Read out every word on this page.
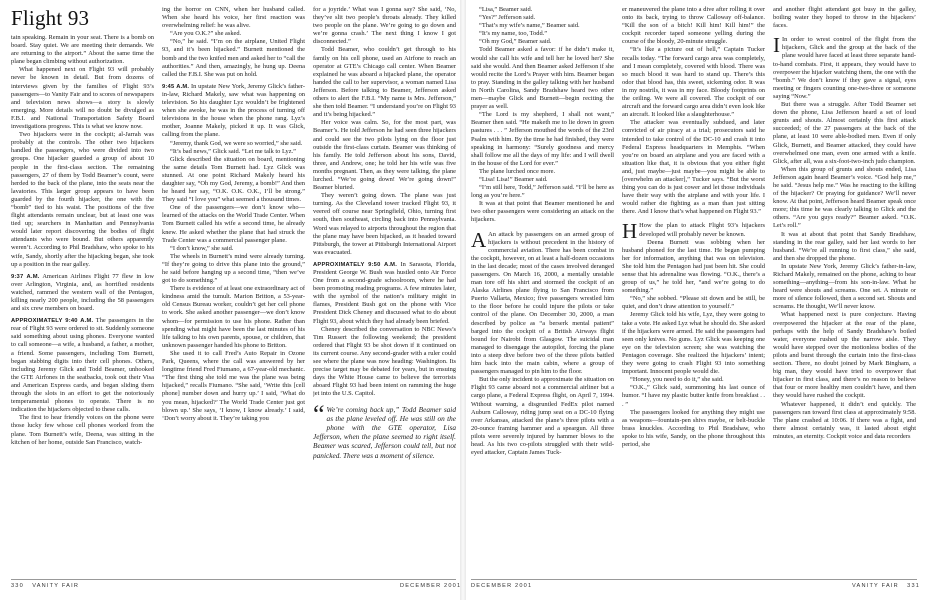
Flight 93

tain speaking. Remain in your seat. There is a bomb on board. Stay quiet. We are meeting their demands. We are returning to the airport.” About the same time the plane began climbing without authorization.

What happened next on Flight 93 will probably never be known in detail. But from dozens of interviews given by the families of Flight 93’s passengers—to Vanity Fair and to scores of newspapers and television news shows—a story is slowly emerging. More details will no doubt be divulged as F.B.I. and National Transportation Safety Board investigations progress. This is what we know now.

Two hijackers were in the cockpit; al-Jarrah was probably at the controls. The other two hijackers handled the passengers, who were divided into two groups. One hijacker guarded a group of about 10 people in the first-class section. The remaining passengers, 27 of them by Todd Beamer’s count, were herded to the back of the plane, into the seats near the lavatories. This larger group appears to have been guarded by the fourth hijacker, the one with the “bomb” tied to his waist. The positions of the five flight attendants remain unclear, but at least one was tied up; searchers in Manhattan and Pennsylvania would later report discovering the bodies of flight attendants who were bound. But others apparently weren’t. According to Phil Bradshaw, who spoke to his wife, Sandy, shortly after the hijacking began, she took up a position in the rear galley.

9:37 A.M. American Airlines Flight 77 flew in low over Arlington, Virginia, and, as horrified residents watched, rammed the western wall of the Pentagon, killing nearly 200 people, including the 58 passengers and six crew members on board.

APPROXIMATELY 9:40 A.M. The passengers in the rear of Flight 93 were ordered to sit. Suddenly someone said something about using phones. Everyone wanted to call someone—a wife, a husband, a father, a mother, a friend. Some passengers, including Tom Burnett, began stabbing digits into their cell phones. Others, including Jeremy Glick and Todd Beamer, unhooked the GTE Airfones in the seatbacks, took out their Visa and American Express cards, and began sliding them through the slots in an effort to get the notoriously temperamental phones to operate. There is no indication the hijackers objected to these calls.

The first to hear friendly voices on the phone were those lucky few whose cell phones worked from the plane. Tom Burnett’s wife, Deena, was sitting in the kitchen of her home, outside San Francisco, watch-

ing the horror on CNN, when her husband called. When she heard his voice, her first reaction was overwhelming relief: he was alive.

“Are you O.K.?” she asked.

“No,” he said. “I’m on the airplane, United Flight 93, and it’s been hijacked.” Burnett mentioned the bomb and the two knifed men and asked her to “call the authorities.” And then, amazingly, he hung up. Deena called the F.B.I. She was put on hold.

9:45 A.M. In upstate New York, Jeremy Glick’s father-in-law, Richard Makely, saw what was happening on television. So his daughter Lyz wouldn’t be frightened when she awoke, he was in the process of turning off televisions in the house when the phone rang. Lyz’s mother, Joanne Makely, picked it up. It was Glick, calling from the plane.

“Jeremy, thank God, we were so worried,” she said.

“It’s bad news,” Glick said. “Let me talk to Lyz.”

Glick described the situation on board, mentioning the same details Tom Burnett had. Lyz Glick was stunned. At one point Richard Makely heard his daughter say, “Oh my God, Jeremy, a bomb!” And then he heard her say, “O.K. O.K. O.K., I’ll be strong.” They said “I love you” what seemed a thousand times.

One of the passengers—we don’t know who—learned of the attacks on the World Trade Center. When Tom Burnett called his wife a second time, he already knew. He asked whether the plane that had struck the Trade Center was a commercial passenger plane.

“I don’t know,” she said.

The wheels in Burnett’s mind were already turning. “If they’re going to drive this plane into the ground,” he said before hanging up a second time, “then we’ve got to do something.”

There is evidence of at least one extraordinary act of kindness amid the tumult. Marion Britton, a 53-year-old Census Bureau worker, couldn’t get her cell phone to work. She asked another passenger—we don’t know whom—for permission to use his phone. Rather than spending what might have been the last minutes of his life talking to his own parents, spouse, or children, that unknown passenger handed his phone to Britton.

She used it to call Fred’s Auto Repair in Ozone Park, Queens, where the call was answered by her longtime friend Fred Fiumano, a 67-year-old mechanic. “The first thing she told me was the plane was being hijacked,” recalls Fiumano. “She said, ‘Write this [cell phone] number down and hurry up.’ I said, ‘What do you mean, hijacked?’ The World Trade Center just got blown up.’ She says, ‘I know, I know already.’ I said, ‘Don’t worry about it. They’re taking you

for a joyride.’ What was I gonna say? She said, ‘No, they’ve slit two people’s throats already. They killed two people on the plane. We’re going to go down and we’re gonna crash.’ The next thing I know I got disconnected.”

Todd Beamer, who couldn’t get through to his family on his cell phone, used an Airfone to reach an operator at GTE’s Chicago call center. When Beamer explained he was aboard a hijacked plane, the operator handed the call to her supervisor, a woman named Lisa Jefferson. Before talking to Beamer, Jefferson asked others to alert the F.B.I. “My name is Mrs. Jefferson,” she then told Beamer. “I understand you’re on Flight 93 and it’s being hijacked.”

Her voice was calm. So, for the most part, was Beamer’s. He told Jefferson he had seen three hijackers and could see the two pilots lying on the floor just outside the first-class curtain. Beamer was thinking of his family. He told Jefferson about his sons, David, three, and Andrew, one; he told her his wife was five months pregnant. Then, as they were talking, the plane lurched. “We’re going down! We’re going down!” Beamer blurted.

They weren’t going down. The plane was just turning. As the Cleveland tower tracked Flight 93, it veered off course near Springfield, Ohio, turning first south, then southeast, circling back into Pennsylvania. Word was relayed to airports throughout the region that the plane may have been hijacked, as it headed toward Pittsburgh, the tower at Pittsburgh International Airport was evacuated.

APPROXIMATELY 9:50 A.M. In Sarasota, Florida, President George W. Bush was hustled onto Air Force One from a second-grade schoolroom, where he had been promoting reading programs. A few minutes later, with the symbol of the nation’s military might in flames, President Bush got on the phone with Vice President Dick Cheney and discussed what to do about Flight 93, about which they had already been briefed.

Cheney described the conversation to NBC News’s Tim Russert the following weekend; the president ordered that Flight 93 be shot down if it continued on its current course. Any second-grader with a ruler could see where the plane was now heading: Washington. Its precise target may be debated for years, but in ensuing days the White House came to believe the terrorists aboard Flight 93 had been intent on ramming the huge jet into the U.S. Capitol.

“ We’re coming back up,” Todd Beamer said as the plane leveled off. He was still on the phone with the GTE operator, Lisa Jefferson, when the plane seemed to right itself. Beamer was scared, Jefferson could tell, but not panicked. There was a moment of silence.
330 VANITY FAIR	DECEMBER 2001

“Lisa,” Beamer said.

“Yes?” Jefferson said.

“That’s my wife’s name,” Beamer said.

“It’s my name, too, Todd.”

“Oh my God,” Beamer said.

Todd Beamer asked a favor: if he didn’t make it, would she call his wife and tell her he loved her? She said she would. And then Beamer asked Jefferson if she would recite the Lord’s Prayer with him. Beamer began to pray. Standing in the galley talking with her husband in North Carolina, Sandy Bradshaw heard two other men—maybe Glick and Burnett—begin reciting the prayer as well.

“The Lord is my shepherd, I shall not want,” Beamer then said. “He maketh me to lie down in green pastures . . . ” Jefferson mouthed the words of the 23rd Psalm with him. By the time he had finished, they were speaking in harmony: “Surely goodness and mercy shall follow me all the days of my life: and I will dwell in the house of the Lord for ever.”

The plane lurched once more.

“Lisa! Lisa!” Beamer said.

“I’m still here, Todd,” Jefferson said. “I’ll be here as long as you’re here.”

It was at that point that Beamer mentioned he and two other passengers were considering an attack on the hijackers.

A An attack by passengers on an armed group of hijackers is without precedent in the history of commercial aviation. There has been combat in the cockpit, however, on at least a half-dozen occasions in the last decade; most of the cases involved deranged passengers. On March 16, 2000, a mentally unstable man tore off his shirt and stormed the cockpit of an Alaska Airlines plane flying to San Francisco from Puerto Vallarta, Mexico; five passengers wrestled him to the floor before he could injure the pilots or take control of the plane. On December 30, 2000, a man described by police as “a berserk mental patient” barged into the cockpit of a British Airways flight bound for Nairobi from Glasgow. The suicidal man managed to disengage the autopilot, forcing the plane into a steep dive before two of the three pilots battled him back into the main cabin, where a group of passengers managed to pin him to the floor.

But the only incident to approximate the situation on Flight 93 came aboard not a commercial airliner but a cargo plane, a Federal Express flight, on April 7, 1994. Without warning, a disgruntled FedEx pilot named Auburn Calloway, riding jump seat on a DC-10 flying over Arkansas, attacked the plane’s three pilots with a 20-ounce framing hammer and a speargun. All three pilots were severely injured by hammer blows to the head. As his two co-pilots struggled with their wild-eyed attacker, Captain James Tuck-

er maneuvered the plane into a dive after rolling it over onto its back, trying to throw Calloway off-balance. “Kill the son of a bitch! Kill him! Kill him!” the cockpit recorder taped someone yelling during the course of the bloody, 20-minute struggle.

“It’s like a picture out of hell,” Captain Tucker recalls today. “The forward cargo area was completely, and I mean completely, covered with blood. There was so much blood it was hard to stand up. There’s this odor that blood has, this sweet, sickening odor. It was in my nostrils, it was in my face. Bloody footprints on the ceiling. We were all covered. The cockpit of our aircraft and the forward cargo area didn’t even look like an aircraft. It looked like a slaughterhouse.”

The attacker was eventually subdued, and later convicted of air piracy at a trial; prosecutors said he intended to take control of the DC-10 and crash it into Federal Express headquarters in Memphis. “When you’re on board an airplane and you are faced with a situation like that, it is obvious that you either fight and, just maybe—just maybe—you might be able to [overwhelm an attacker],” Tucker says. “But the worst thing you can do is just cower and let those individuals have their way with the airplane and with your life. I would rather die fighting as a man than just sitting there. And I know that’s what happened on Flight 93.”

H How the plan to attack Flight 93’s hijackers developed will probably never be known.

Deena Burnett was sobbing when her husband phoned for the last time. He began pumping her for information, anything that was on television. She told him the Pentagon had just been hit. She could sense that his adrenaline was flowing. “O.K., there’s a group of us,” he told her, “and we’re going to do something.”

“No,” she sobbed. “Please sit down and be still, be quiet, and don’t draw attention to yourself.”

Jeremy Glick told his wife, Lyz, they were going to take a vote. He asked Lyz what he should do. She asked if the hijackers were armed. He said the passengers had seen only knives. No guns. Lyz Glick was keeping one eye on the television screen; she was watching the Pentagon coverage. She realized the hijackers’ intent; they were going to crash Flight 93 into something important. Innocent people would die.

“Honey, you need to do it,” she said.

“O.K.,” Glick said, summoning his last ounce of humor. “I have my plastic butter knife from breakfast . . . ”

The passengers looked for anything they might use as weapons—fountain-pen shivs maybe, or belt-buckle brass knuckles. According to Phil Bradshaw, who spoke to his wife, Sandy, on the phone throughout this period, she

and another flight attendant got busy in the galley, boiling water they hoped to throw in the hijackers’ faces.

I In order to wrest control of the flight from the hijackers, Glick and the group at the back of the plane would have faced at least three separate hand-to-hand combats. First, it appears, they would have to overpower the hijacker watching them, the one with the “bomb.” We don’t know if they gave a signal, eyes meeting or fingers counting one-two-three or someone saying “Now.”

But there was a struggle. After Todd Beamer set down the phone, Lisa Jefferson heard a set of loud grunts and shouts. Almost certainly this first attack succeeded; of the 27 passengers at the back of the plane, at least 10 were able-bodied men. Even if only Glick, Burnett, and Beamer attacked, they could have overwhelmed one man, even one armed with a knife. Glick, after all, was a six-foot-two-inch judo champion.

When this group of grunts and shouts ended, Lisa Jefferson again heard Beamer’s voice. “God help me,” he said. “Jesus help me.” Was he reacting to the killing of the hijacker? Or praying for guidance? We’ll never know. At that point, Jefferson heard Beamer speak once more; this time he was clearly talking to Glick and the others. “Are you guys ready?” Beamer asked. “O.K. Let’s roll.”

It was at about that point that Sandy Bradshaw, standing in the rear galley, said her last words to her husband. “We’re all running to first class,” she said, and then she dropped the phone.

In upstate New York, Jeremy Glick’s father-in-law, Richard Makely, remained on the phone, aching to hear something—anything—from his son-in-law. What he heard were shouts and screams. One set. A minute or more of silence followed, then a second set. Shouts and screams. He thought, We’ll never know.

What happened next is pure conjecture. Having overpowered the hijacker at the rear of the plane, perhaps with the help of Sandy Bradshaw’s boiled water, everyone rushed up the narrow aisle. They would have stepped over the motionless bodies of the pilots and burst through the curtain into the first-class section. There, no doubt joined by Mark Bingham, a big man, they would have tried to overpower that hijacker in first class, and there’s no reason to believe that four or more healthy men couldn’t have, and then they would have rushed the cockpit.

Whatever happened, it didn’t end quickly. The passengers ran toward first class at approximately 9:58. The plane crashed at 10:06. If there was a fight, and there almost certainly was, it lasted about eight minutes, an eternity. Cockpit voice and data recorders

DECEMBER 2001	VANITY FAIR 331
